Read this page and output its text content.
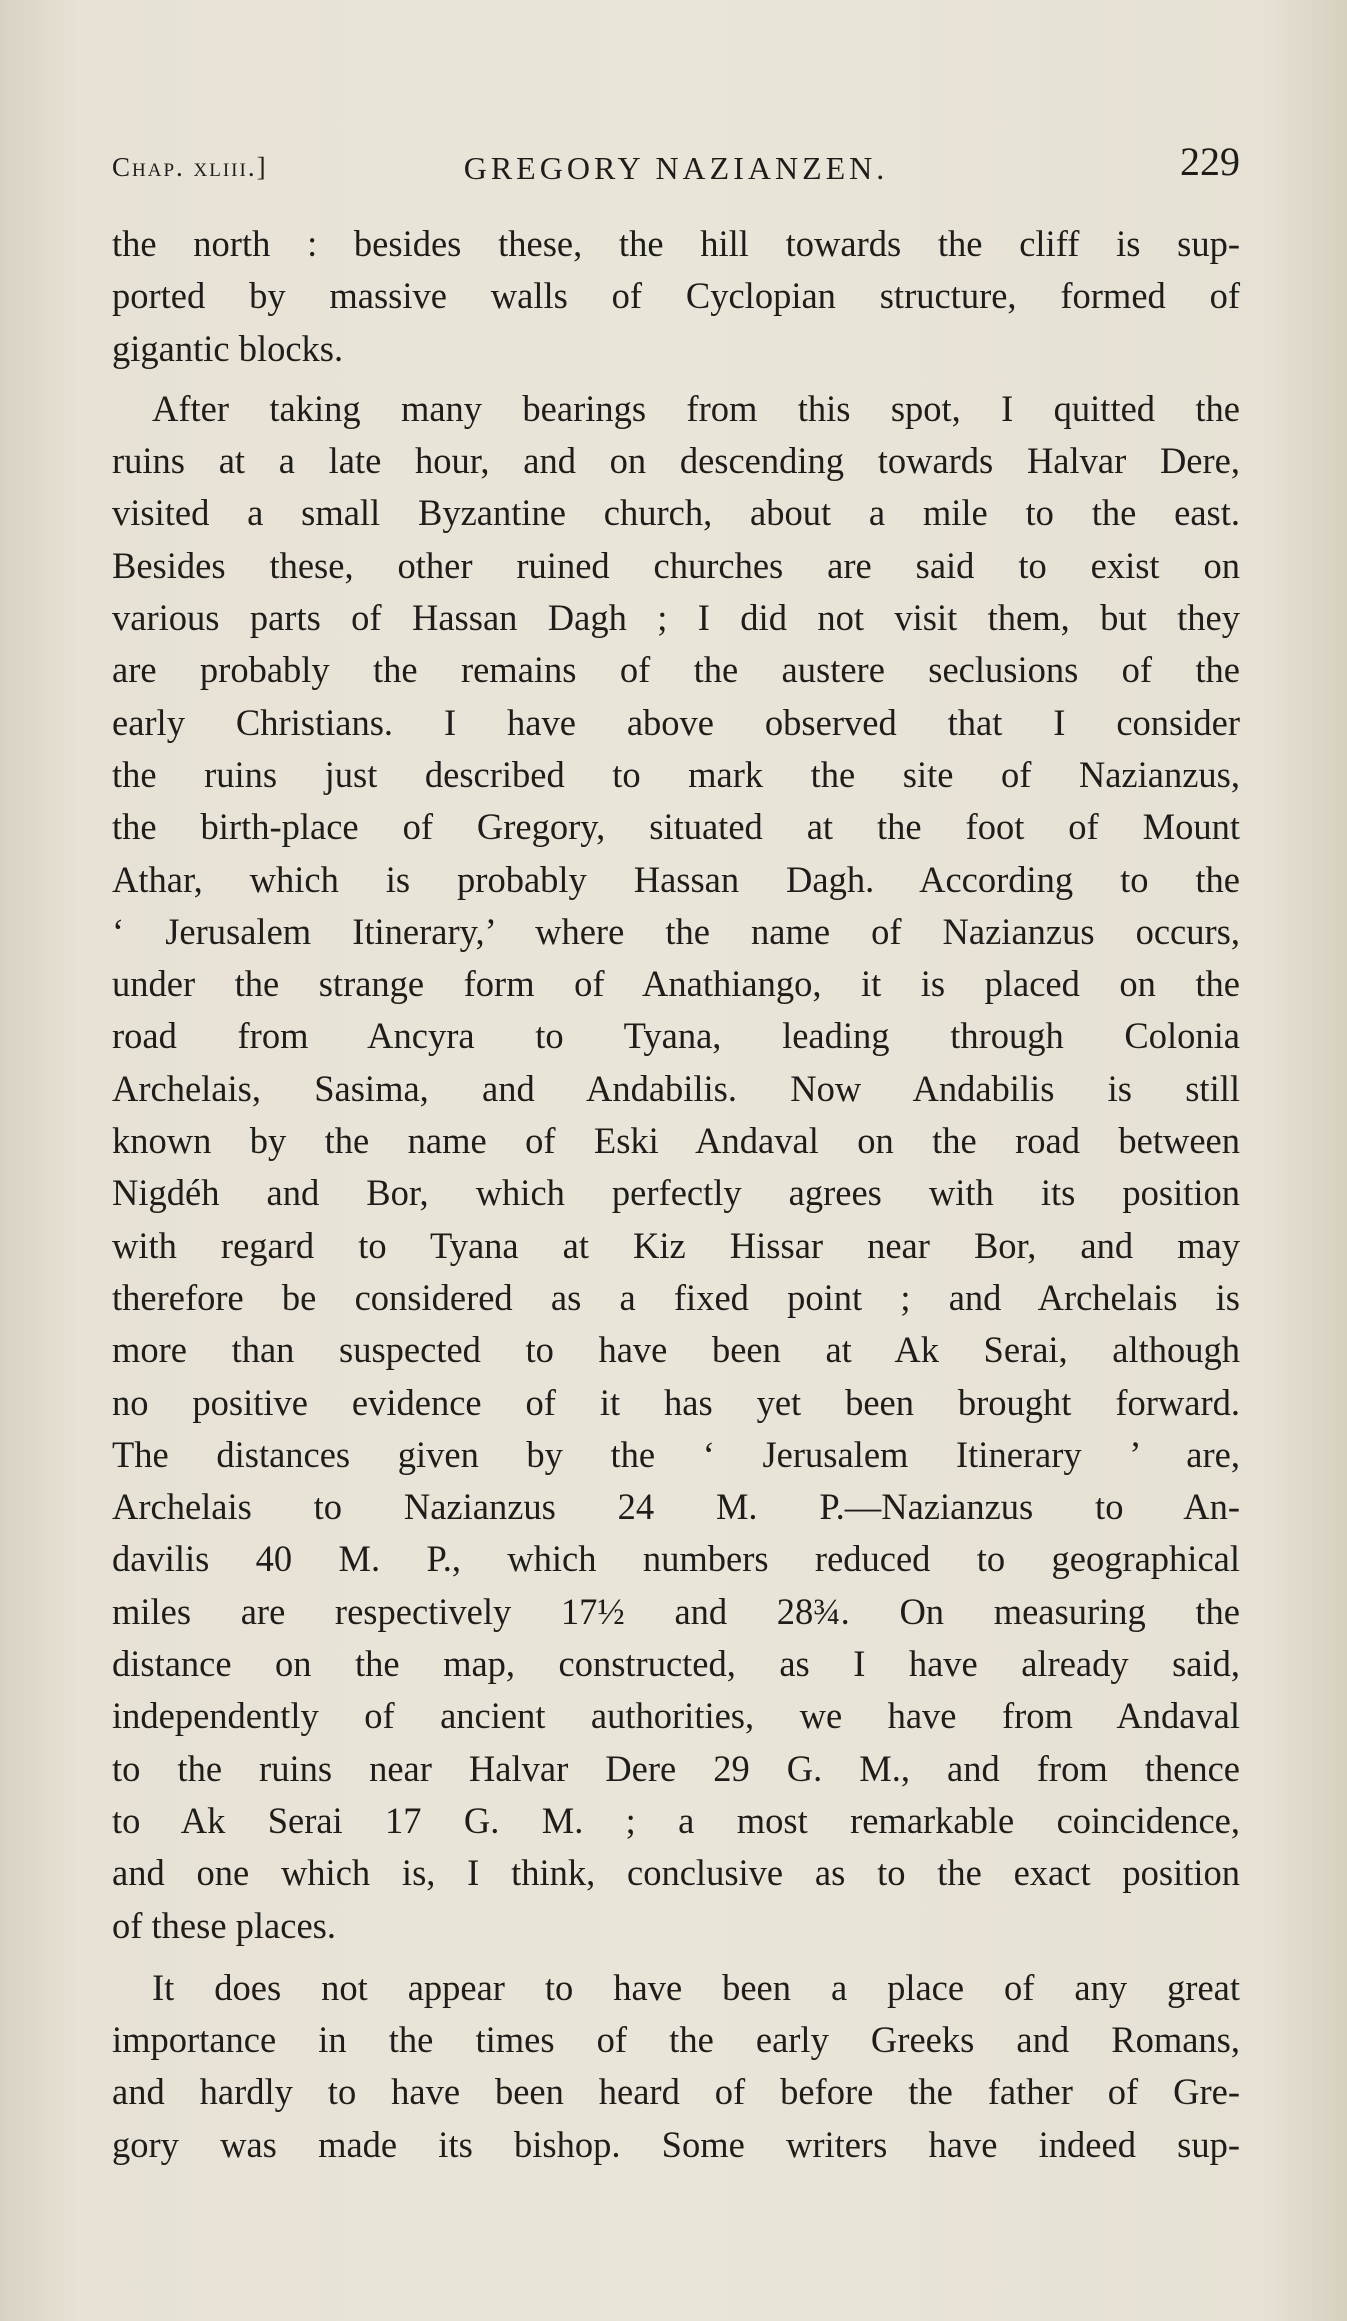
Chap. xliii.]	GREGORY NAZIANZEN.	229

the north : besides these, the hill towards the cliff is sup-

ported by massive walls of Cyclopian structure, formed of

gigantic blocks.

After taking many bearings from this spot, I quitted the

ruins at a late hour, and on descending towards Halvar Dere,

visited a small Byzantine church, about a mile to the east.

Besides these, other ruined churches are said to exist on

various parts of Hassan Dagh ; I did not visit them, but they

are probably the remains of the austere seclusions of the

early Christians. I have above observed that I consider

the ruins just described to mark the site of Nazianzus,

the birth-place of Gregory, situated at the foot of Mount

Athar, which is probably Hassan Dagh. According to the

‘ Jerusalem Itinerary,’ where the name of Nazianzus occurs,

under the strange form of Anathiango, it is placed on the

road from Ancyra to Tyana, leading through Colonia

Archelais, Sasima, and Andabilis. Now Andabilis is still

known by the name of Eski Andaval on the road between

Nigdéh and Bor, which perfectly agrees with its position

with regard to Tyana at Kiz Hissar near Bor, and may

therefore be considered as a fixed point ; and Archelais is

more than suspected to have been at Ak Serai, although

no positive evidence of it has yet been brought forward.

The distances given by the ‘ Jerusalem Itinerary ’ are,

Archelais to Nazianzus 24 M. P.—Nazianzus to An-

davilis 40 M. P., which numbers reduced to geographical

miles are respectively 17½ and 28¾. On measuring the

distance on the map, constructed, as I have already said,

independently of ancient authorities, we have from Andaval

to the ruins near Halvar Dere 29 G. M., and from thence

to Ak Serai 17 G. M. ; a most remarkable coincidence,

and one which is, I think, conclusive as to the exact position

of these places.

It does not appear to have been a place of any great

importance in the times of the early Greeks and Romans,

and hardly to have been heard of before the father of Gre-

gory was made its bishop. Some writers have indeed sup-
